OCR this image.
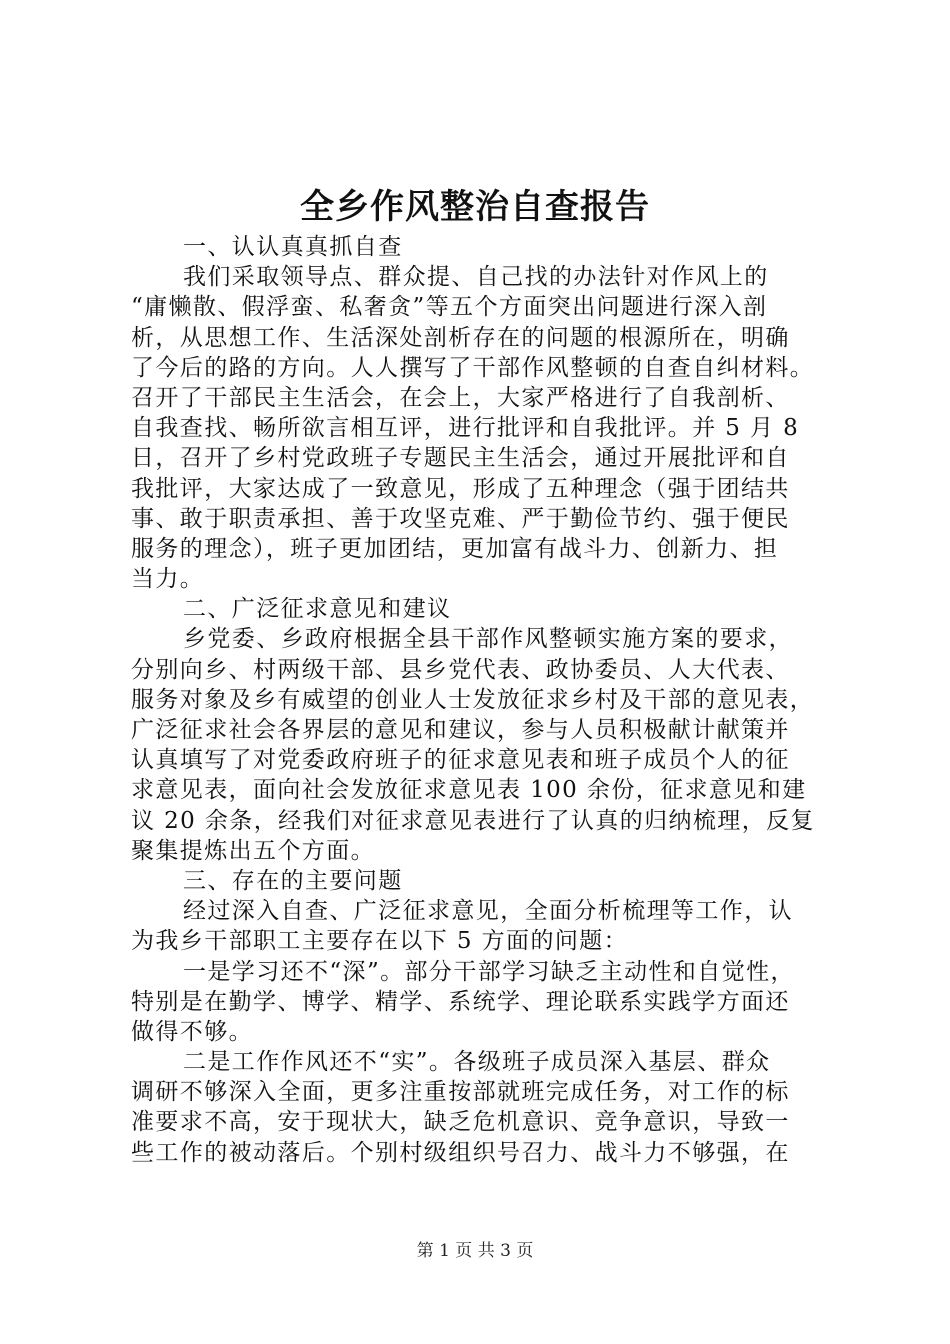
全乡作风整治自查报告
一、认认真真抓自查
我们采取领导点、群众提、自己找的办法针对作风上的
“庸懒散、假浮蛮、私奢贪”等五个方面突出问题进行深入剖
析，从思想工作、生活深处剖析存在的问题的根源所在，明确
了今后的路的方向。人人撰写了干部作风整顿的自查自纠材料。
召开了干部民主生活会，在会上，大家严格进行了自我剖析、
自我查找、畅所欲言相互评，进行批评和自我批评。并 5 月 8
日，召开了乡村党政班子专题民主生活会，通过开展批评和自
我批评，大家达成了一致意见，形成了五种理念（强于团结共
事、敢于职责承担、善于攻坚克难、严于勤俭节约、强于便民
服务的理念），班子更加团结，更加富有战斗力、创新力、担
当力。
二、广泛征求意见和建议
乡党委、乡政府根据全县干部作风整顿实施方案的要求，
分别向乡、村两级干部、县乡党代表、政协委员、人大代表、
服务对象及乡有威望的创业人士发放征求乡村及干部的意见表，
广泛征求社会各界层的意见和建议，参与人员积极献计献策并
认真填写了对党委政府班子的征求意见表和班子成员个人的征
求意见表，面向社会发放征求意见表 100 余份，征求意见和建
议 20 余条，经我们对征求意见表进行了认真的归纳梳理，反复
聚集提炼出五个方面。
三、存在的主要问题
经过深入自查、广泛征求意见，全面分析梳理等工作，认
为我乡干部职工主要存在以下 5 方面的问题：
一是学习还不“深”。部分干部学习缺乏主动性和自觉性，
特别是在勤学、博学、精学、系统学、理论联系实践学方面还
做得不够。
二是工作作风还不“实”。各级班子成员深入基层、群众
调研不够深入全面，更多注重按部就班完成任务，对工作的标
准要求不高，安于现状大，缺乏危机意识、竞争意识，导致一
些工作的被动落后。个别村级组织号召力、战斗力不够强，在
第 1 页 共 3 页
